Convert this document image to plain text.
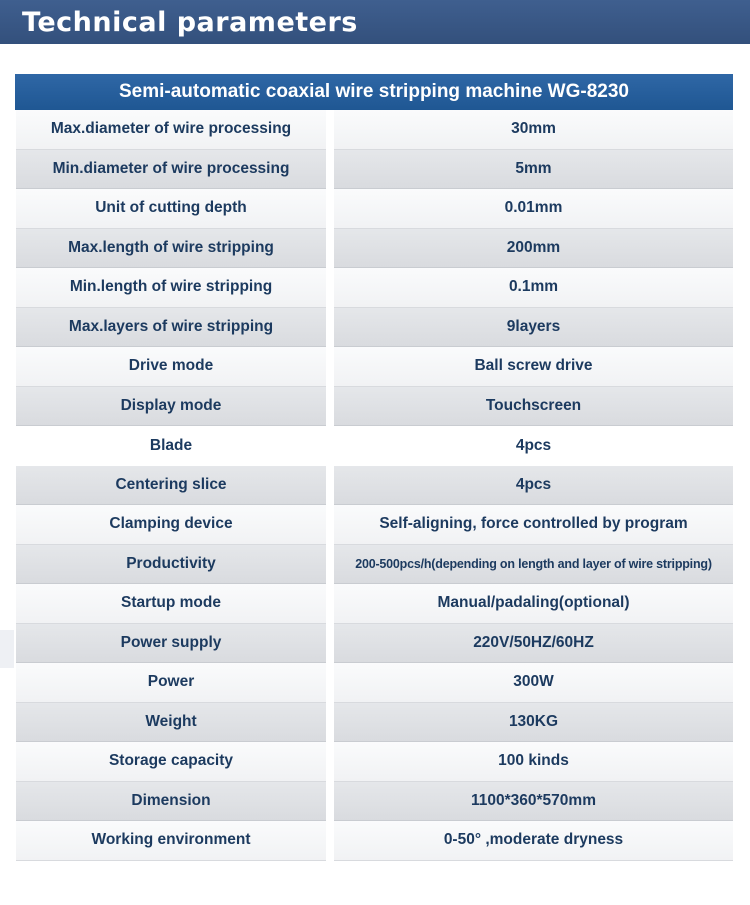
Technical parameters
Semi-automatic coaxial wire stripping machine WG-8230
Max.diameter of wire processing	30mm
Min.diameter of wire processing	5mm
Unit of cutting depth	0.01mm
Max.length of wire stripping	200mm
Min.length of wire stripping	0.1mm
Max.layers of wire stripping	9layers
Drive mode	Ball screw drive
Display mode	Touchscreen
Blade	4pcs
Centering slice	4pcs
Clamping device	Self-aligning, force controlled by program
Productivity	200-500pcs/h(depending on length and layer of wire stripping)
Startup mode	Manual/padaling(optional)
Power supply	220V/50HZ/60HZ
Power	300W
Weight	130KG
Storage capacity	100 kinds
Dimension	1100*360*570mm
Working environment	0-50° ,moderate dryness
